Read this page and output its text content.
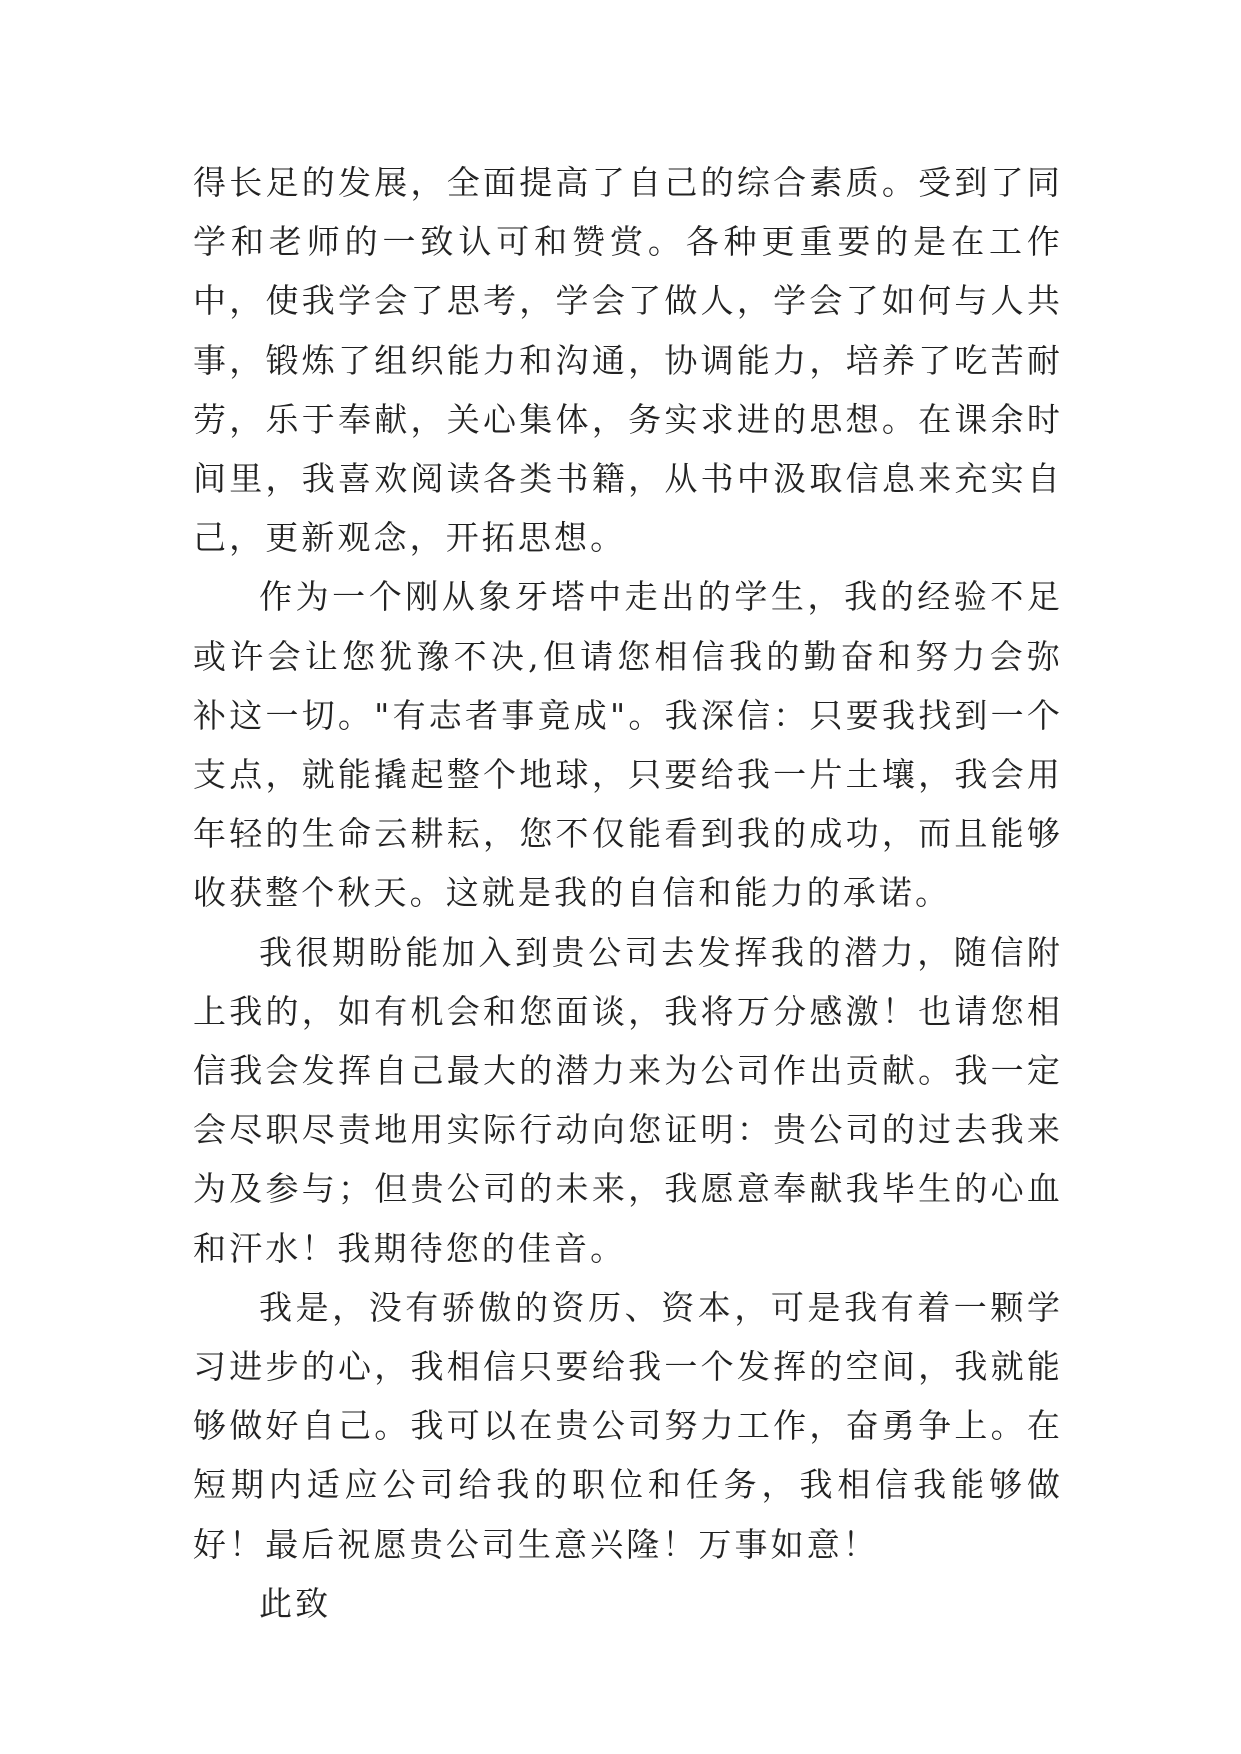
得长足的发展，全面提高了自己的综合素质。受到了同学和老师的一致认可和赞赏。各种更重要的是在工作中，使我学会了思考，学会了做人，学会了如何与人共事，锻炼了组织能力和沟通，协调能力，培养了吃苦耐劳，乐于奉献，关心集体，务实求进的思想。在课余时间里，我喜欢阅读各类书籍，从书中汲取信息来充实自己，更新观念，开拓思想。

作为一个刚从象牙塔中走出的学生，我的经验不足或许会让您犹豫不决,但请您相信我的勤奋和努力会弥补这一切。"有志者事竟成"。我深信：只要我找到一个支点，就能撬起整个地球，只要给我一片土壤，我会用年轻的生命云耕耘，您不仅能看到我的成功，而且能够收获整个秋天。这就是我的自信和能力的承诺。

我很期盼能加入到贵公司去发挥我的潜力，随信附上我的，如有机会和您面谈，我将万分感激！也请您相信我会发挥自己最大的潜力来为公司作出贡献。我一定会尽职尽责地用实际行动向您证明：贵公司的过去我来为及参与；但贵公司的未来，我愿意奉献我毕生的心血和汗水！我期待您的佳音。

我是，没有骄傲的资历、资本，可是我有着一颗学习进步的心，我相信只要给我一个发挥的空间，我就能够做好自己。我可以在贵公司努力工作，奋勇争上。在短期内适应公司给我的职位和任务，我相信我能够做好！最后祝愿贵公司生意兴隆！万事如意！

此致
